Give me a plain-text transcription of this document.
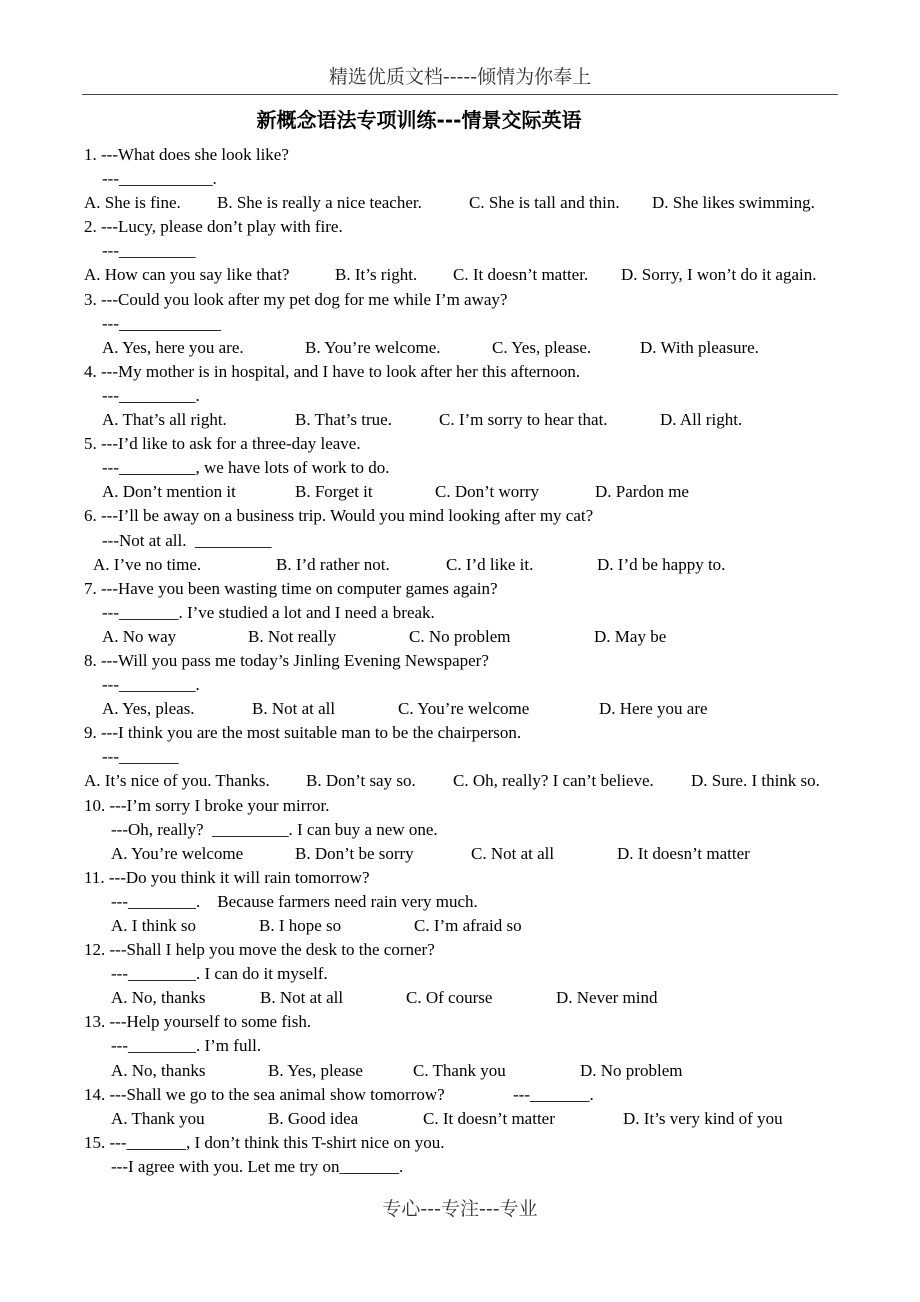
精选优质文档-----倾情为你奉上
新概念语法专项训练---情景交际英语
1. ---What does she look like?
---___________.

A. She is fine.

B. She is really a nice teacher.

	C. She is tall and thin.

D. She likes swimming.

2. ---Lucy, please don’t play with fire.
---_________

A. How can you say like that?

	B. It’s right.

C. It doesn’t matter.

D. Sorry, I won’t do it again.

3. ---Could you look after my pet dog for me while I’m away?
---____________

A. Yes, here you are.

	B. You’re welcome.

	C. Yes, please.

	D. With pleasure.

4. ---My mother is in hospital, and I have to look after her this afternoon.
---_________.

A. That’s all right.

	B. That’s true.

	C. I’m sorry to hear that.

	D. All right.

5. ---I’d like to ask for a three-day leave.
---_________, we have lots of work to do.

A. Don’t mention it

	B. Forget it

	C. Don’t worry

	D. Pardon me

6. ---I’ll be away on a business trip. Would you mind looking after my cat?
---Not at all.  _________

A. I’ve no time.

	B. I’d rather not.

	C. I’d like it.

	D. I’d be happy to.

7. ---Have you been wasting time on computer games again?
---_______. I’ve studied a lot and I need a break.

A. No way

	B. Not really

	C. No problem

	D. May be

8. ---Will you pass me today’s Jinling Evening Newspaper?
---_________.

A. Yes, pleas.

	B. Not at all

	C. You’re welcome

	D. Here you are

9. ---I think you are the most suitable man to be the chairperson.
---_______

A. It’s nice of you. Thanks.

B. Don’t say so.

C. Oh, really? I can’t believe.

D. Sure. I think so.

10. ---I’m sorry I broke your mirror.
---Oh, really?  _________. I can buy a new one.

A. You’re welcome

	B. Don’t be sorry

	C. Not at all

	D. It doesn’t matter

11. ---Do you think it will rain tomorrow?
---________.    Because farmers need rain very much.

A. I think so

	B. I hope so

	C. I’m afraid so

12. ---Shall I help you move the desk to the corner?
---________. I can do it myself.

A. No, thanks

	B. Not at all

	C. Of course

	D. Never mind

13. ---Help yourself to some fish.
---________. I’m full.

A. No, thanks

	B. Yes, please

	C. Thank you

	D. No problem

14. ---Shall we go to the sea animal show tomorrow?

	---_______.

A. Thank you

	B. Good idea

	C. It doesn’t matter

	D. It’s very kind of you

15. ---_______, I don’t think this T-shirt nice on you.
---I agree with you. Let me try on_______.
专心---专注---专业
